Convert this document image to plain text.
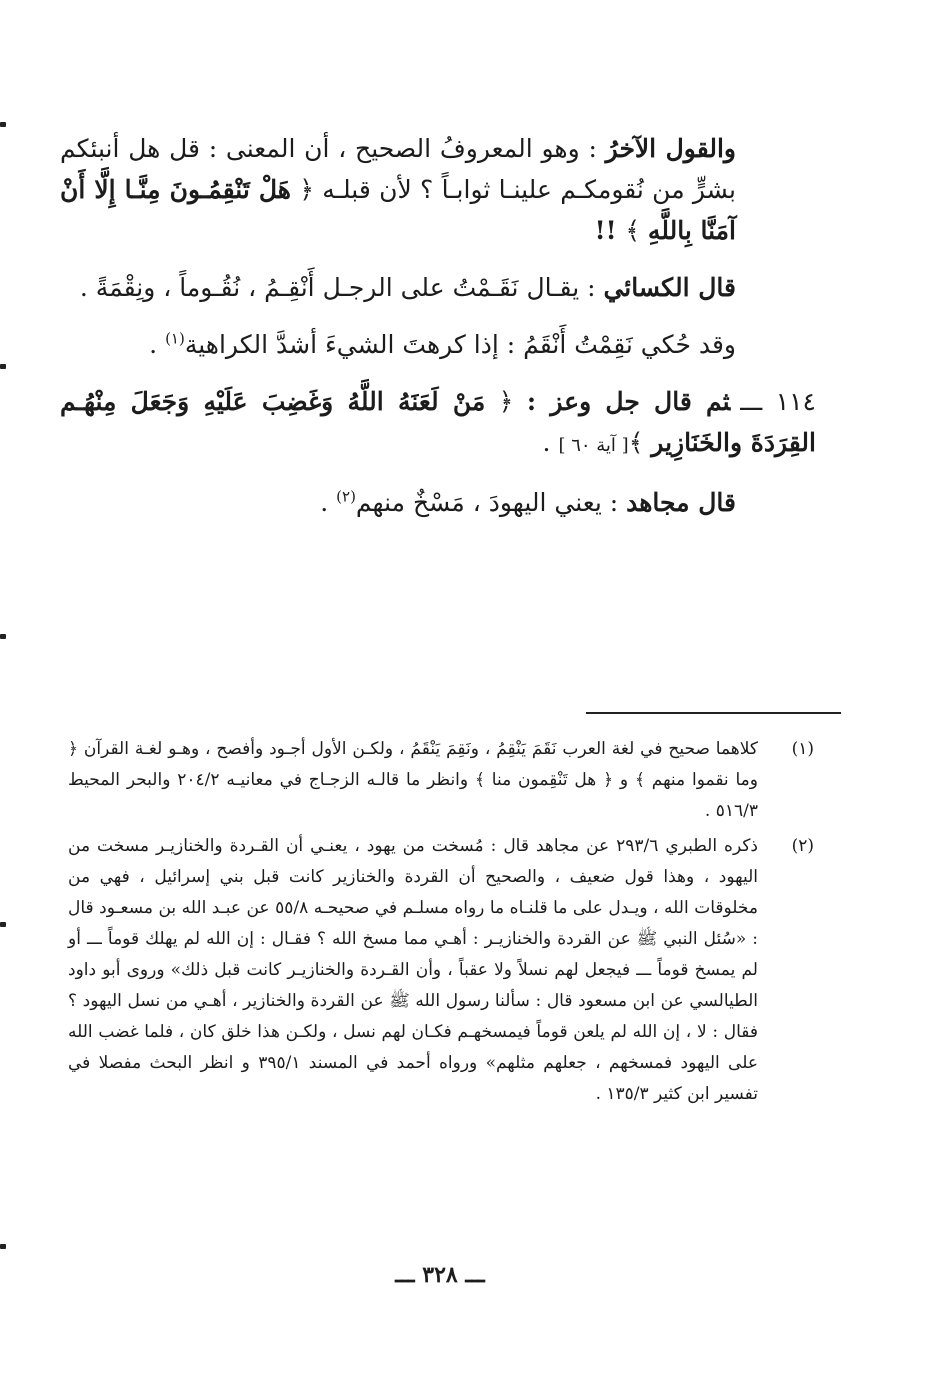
والقول الآخرُ : وهو المعروفُ الصحيح ، أن المعنى : قل هل أنبئكم بشرٍّ من نُقومكـم علينـا ثوابـاً ؟ لأن قبلـه ﴿ هَلْ تَنْقِمُـونَ مِنَّـا إِلَّا أَنْ آمَنَّا بِاللَّهِ ﴾ !!

قال الكسائي : يقـال نَقَـمْتُ على الرجـل أَنْقِـمُ ، نُقُـوماً ، ونِقْمَةً .

وقد حُكي نَقِمْتُ أَنْقَمُ : إذا كرهتَ الشيءَ أشدَّ الكراهية$^{(١)}$ .

١١٤ ـــثم قال جل وعز : ﴿ مَنْ لَعَنَهُ اللَّهُ وَغَضِبَ عَلَيْهِ وَجَعَلَ مِنْهُـم القِرَدَةَ والخَنَازِير ﴾[ آية ٦٠ ] .

قال مجاهد : يعني اليهودَ ، مَسْخٌ منهم$^{(٢)}$ .

(١)
كلاهما صحيح في لغة العرب نَقَمَ يَنْقِمُ ، ونَقِمَ يَنْقَمُ ، ولكـن الأول أجـود وأفصح ، وهـو لغـة القرآن ﴿ وما نقموا منهم ﴾ و ﴿ هل تَنْقِمون منا ﴾ وانظر ما قالـه الزجـاج في معانيـه ٢٠٤/٢ والبحر المحيط ٥١٦/٣ .
(٢)
ذكره الطبري ٢٩٣/٦ عن مجاهد قال : مُسخت من يهود ، يعنـي أن القـردة والخنازيـر مسخت من اليهود ، وهذا قول ضعيف ، والصحيح أن القردة والخنازير كانت قبل بني إسرائيل ، فهي من مخلوقات الله ، ويـدل على ما قلنـاه ما رواه مسلـم في صحيحـه ٥٥/٨ عن عبـد الله بن مسعـود قال : «سُئل النبي ﷺ عن القردة والخنازيـر : أهـي مما مسخ الله ؟ فقـال : إن الله لم يهلك قوماً ـــ أو لم يمسخ قوماً ـــ فيجعل لهم نسلاً ولا عقباً ، وأن القـردة والخنازيـر كانت قبل ذلك» وروى أبو داود الطيالسي عن ابن مسعود قال : سألنا رسول الله ﷺ عن القردة والخنازير ، أهـي من نسل اليهود ؟ فقال : لا ، إن الله لم يلعن قوماً فيمسخهـم فكـان لهم نسل ، ولكـن هذا خلق كان ، فلما غضب الله على اليهود فمسخهم ، جعلهم مثلهم» ورواه أحمد في المسند ٣٩٥/١ و انظر البحث مفصلا في تفسير ابن كثير ١٣٥/٣ .
ـــ ٣٢٨ ـــ
